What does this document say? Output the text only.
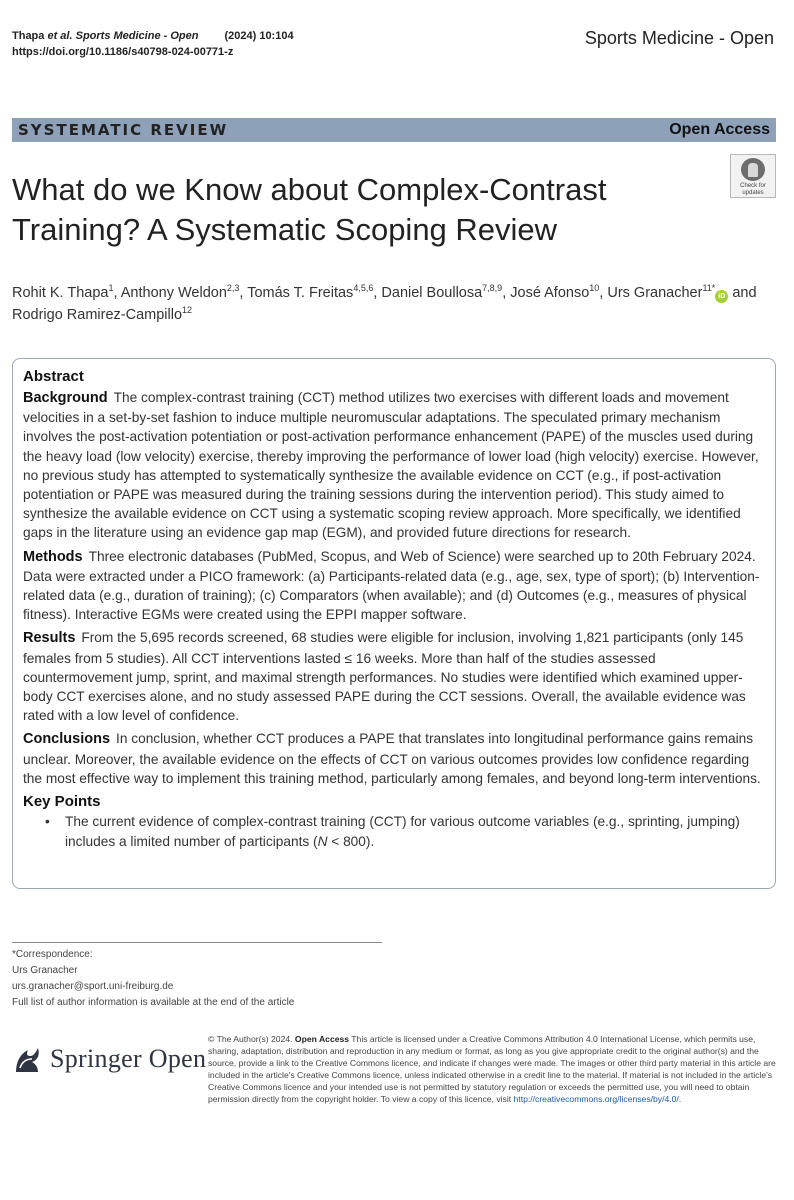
Thapa et al. Sports Medicine - Open (2024) 10:104
https://doi.org/10.1186/s40798-024-00771-z
Sports Medicine - Open
SYSTEMATIC REVIEW	Open Access
Check for
updates
What do we Know about Complex-Contrast
Training? A Systematic Scoping Review
Rohit K. Thapa$^1$, Anthony Weldon$^{2,3}$, Tomás T. Freitas$^{4,5,6}$, Daniel Boullosa$^{7,8,9}$, José Afonso$^{10}$, Urs Granacher$^{11*}$iD and
Rodrigo Ramirez-Campillo$^{12}$
Abstract

Background The complex-contrast training (CCT) method utilizes two exercises with different loads and movement velocities in a set-by-set fashion to induce multiple neuromuscular adaptations. The speculated primary mechanism involves the post-activation potentiation or post-activation performance enhancement (PAPE) of the muscles used during the heavy load (low velocity) exercise, thereby improving the performance of lower load (high velocity) exercise. However, no previous study has attempted to systematically synthesize the available evidence on CCT (e.g., if post-activation potentiation or PAPE was measured during the training sessions during the intervention period). This study aimed to synthesize the available evidence on CCT using a systematic scoping review approach. More specifically, we identified gaps in the literature using an evidence gap map (EGM), and provided future directions for research.

Methods Three electronic databases (PubMed, Scopus, and Web of Science) were searched up to 20th February 2024. Data were extracted under a PICO framework: (a) Participants-related data (e.g., age, sex, type of sport); (b) Intervention-related data (e.g., duration of training); (c) Comparators (when available); and (d) Outcomes (e.g., measures of physical fitness). Interactive EGMs were created using the EPPI mapper software.

Results From the 5,695 records screened, 68 studies were eligible for inclusion, involving 1,821 participants (only 145 females from 5 studies). All CCT interventions lasted ≤ 16 weeks. More than half of the studies assessed countermovement jump, sprint, and maximal strength performances. No studies were identified which examined upper-body CCT exercises alone, and no study assessed PAPE during the CCT sessions. Overall, the available evidence was rated with a low level of confidence.

Conclusions In conclusion, whether CCT produces a PAPE that translates into longitudinal performance gains remains unclear. Moreover, the available evidence on the effects of CCT on various outcomes provides low confidence regarding the most effective way to implement this training method, particularly among females, and beyond long-term interventions.

Key Points
• The current evidence of complex-contrast training (CCT) for various outcome variables (e.g., sprinting, jumping) includes a limited number of participants (N < 800).
*Correspondence:
Urs Granacher
urs.granacher@sport.uni-freiburg.de
Full list of author information is available at the end of the article
Springer Open
© The Author(s) 2024. Open Access This article is licensed under a Creative Commons Attribution 4.0 International License, which permits use, sharing, adaptation, distribution and reproduction in any medium or format, as long as you give appropriate credit to the original author(s) and the source, provide a link to the Creative Commons licence, and indicate if changes were made. The images or other third party material in this article are included in the article's Creative Commons licence, unless indicated otherwise in a credit line to the material. If material is not included in the article's Creative Commons licence and your intended use is not permitted by statutory regulation or exceeds the permitted use, you will need to obtain permission directly from the copyright holder. To view a copy of this licence, visit http://creativecommons.org/licenses/by/4.0/.
